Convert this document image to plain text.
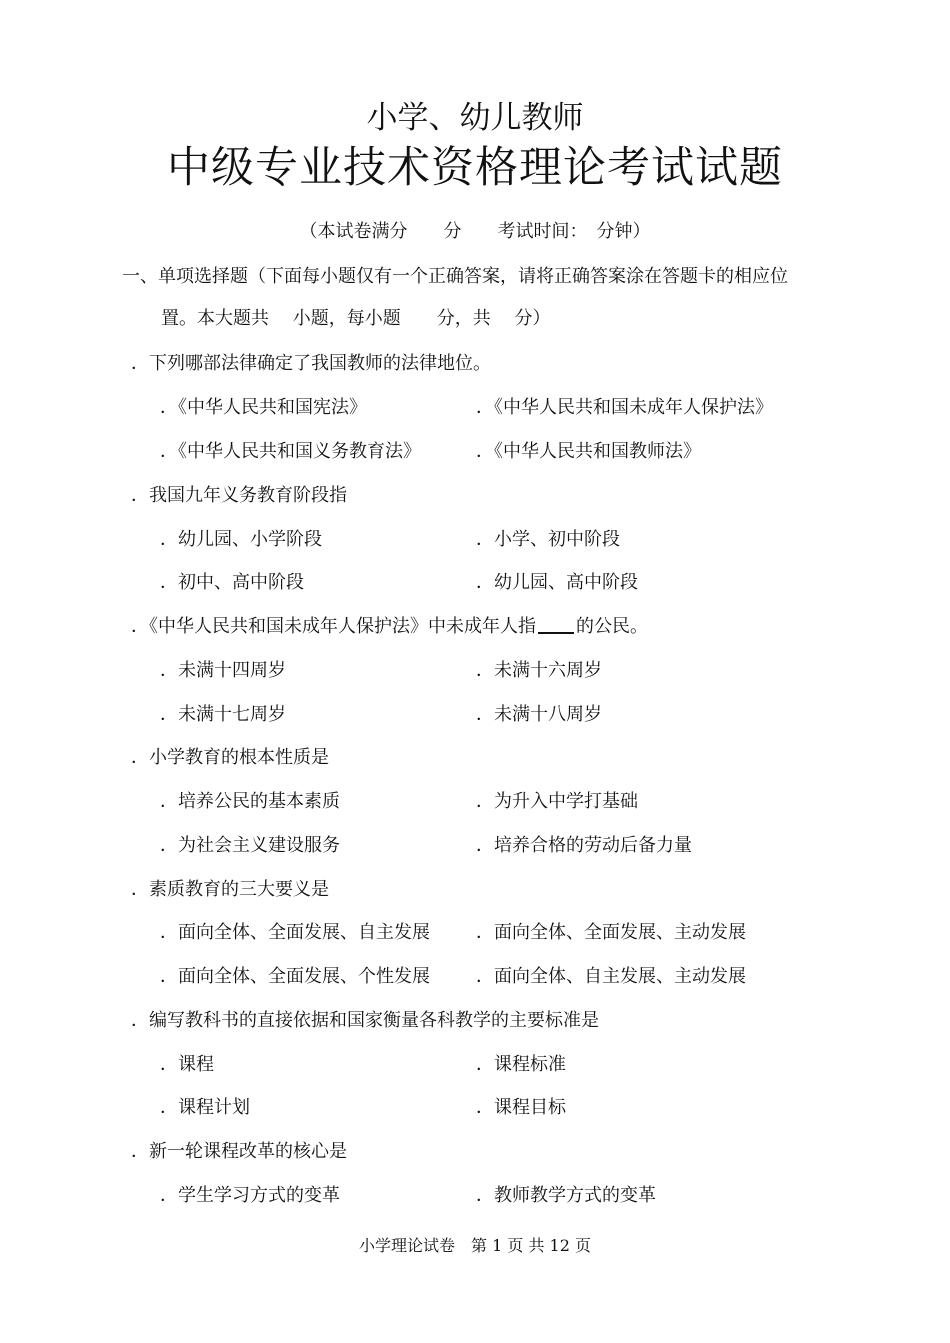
小学、幼儿教师
中级专业技术资格理论考试试题
（本试卷满分　　分　　考试时间：　分钟）
一、单项选择题（下面每小题仅有一个正确答案，请将正确答案涂在答题卡的相应位
置。本大题共　 小题，每小题　　分，共　 分）
．下列哪部法律确定了我国教师的法律地位。
．《中华人民共和国宪法》	．《中华人民共和国未成年人保护法》
．《中华人民共和国义务教育法》	．《中华人民共和国教师法》
．我国九年义务教育阶段指
．幼儿园、小学阶段	．小学、初中阶段
．初中、高中阶段	．幼儿园、高中阶段
．《中华人民共和国未成年人保护法》中未成年人指 的公民。
．未满十四周岁	．未满十六周岁
．未满十七周岁	．未满十八周岁
．小学教育的根本性质是
．培养公民的基本素质	．为升入中学打基础
．为社会主义建设服务	．培养合格的劳动后备力量
．素质教育的三大要义是
．面向全体、全面发展、自主发展	．面向全体、全面发展、主动发展
．面向全体、全面发展、个性发展	．面向全体、自主发展、主动发展
．编写教科书的直接依据和国家衡量各科教学的主要标准是
．课程	．课程标准
．课程计划	．课程目标
．新一轮课程改革的核心是
．学生学习方式的变革	．教师教学方式的变革
小学理论试卷　第 1 页 共 12 页
